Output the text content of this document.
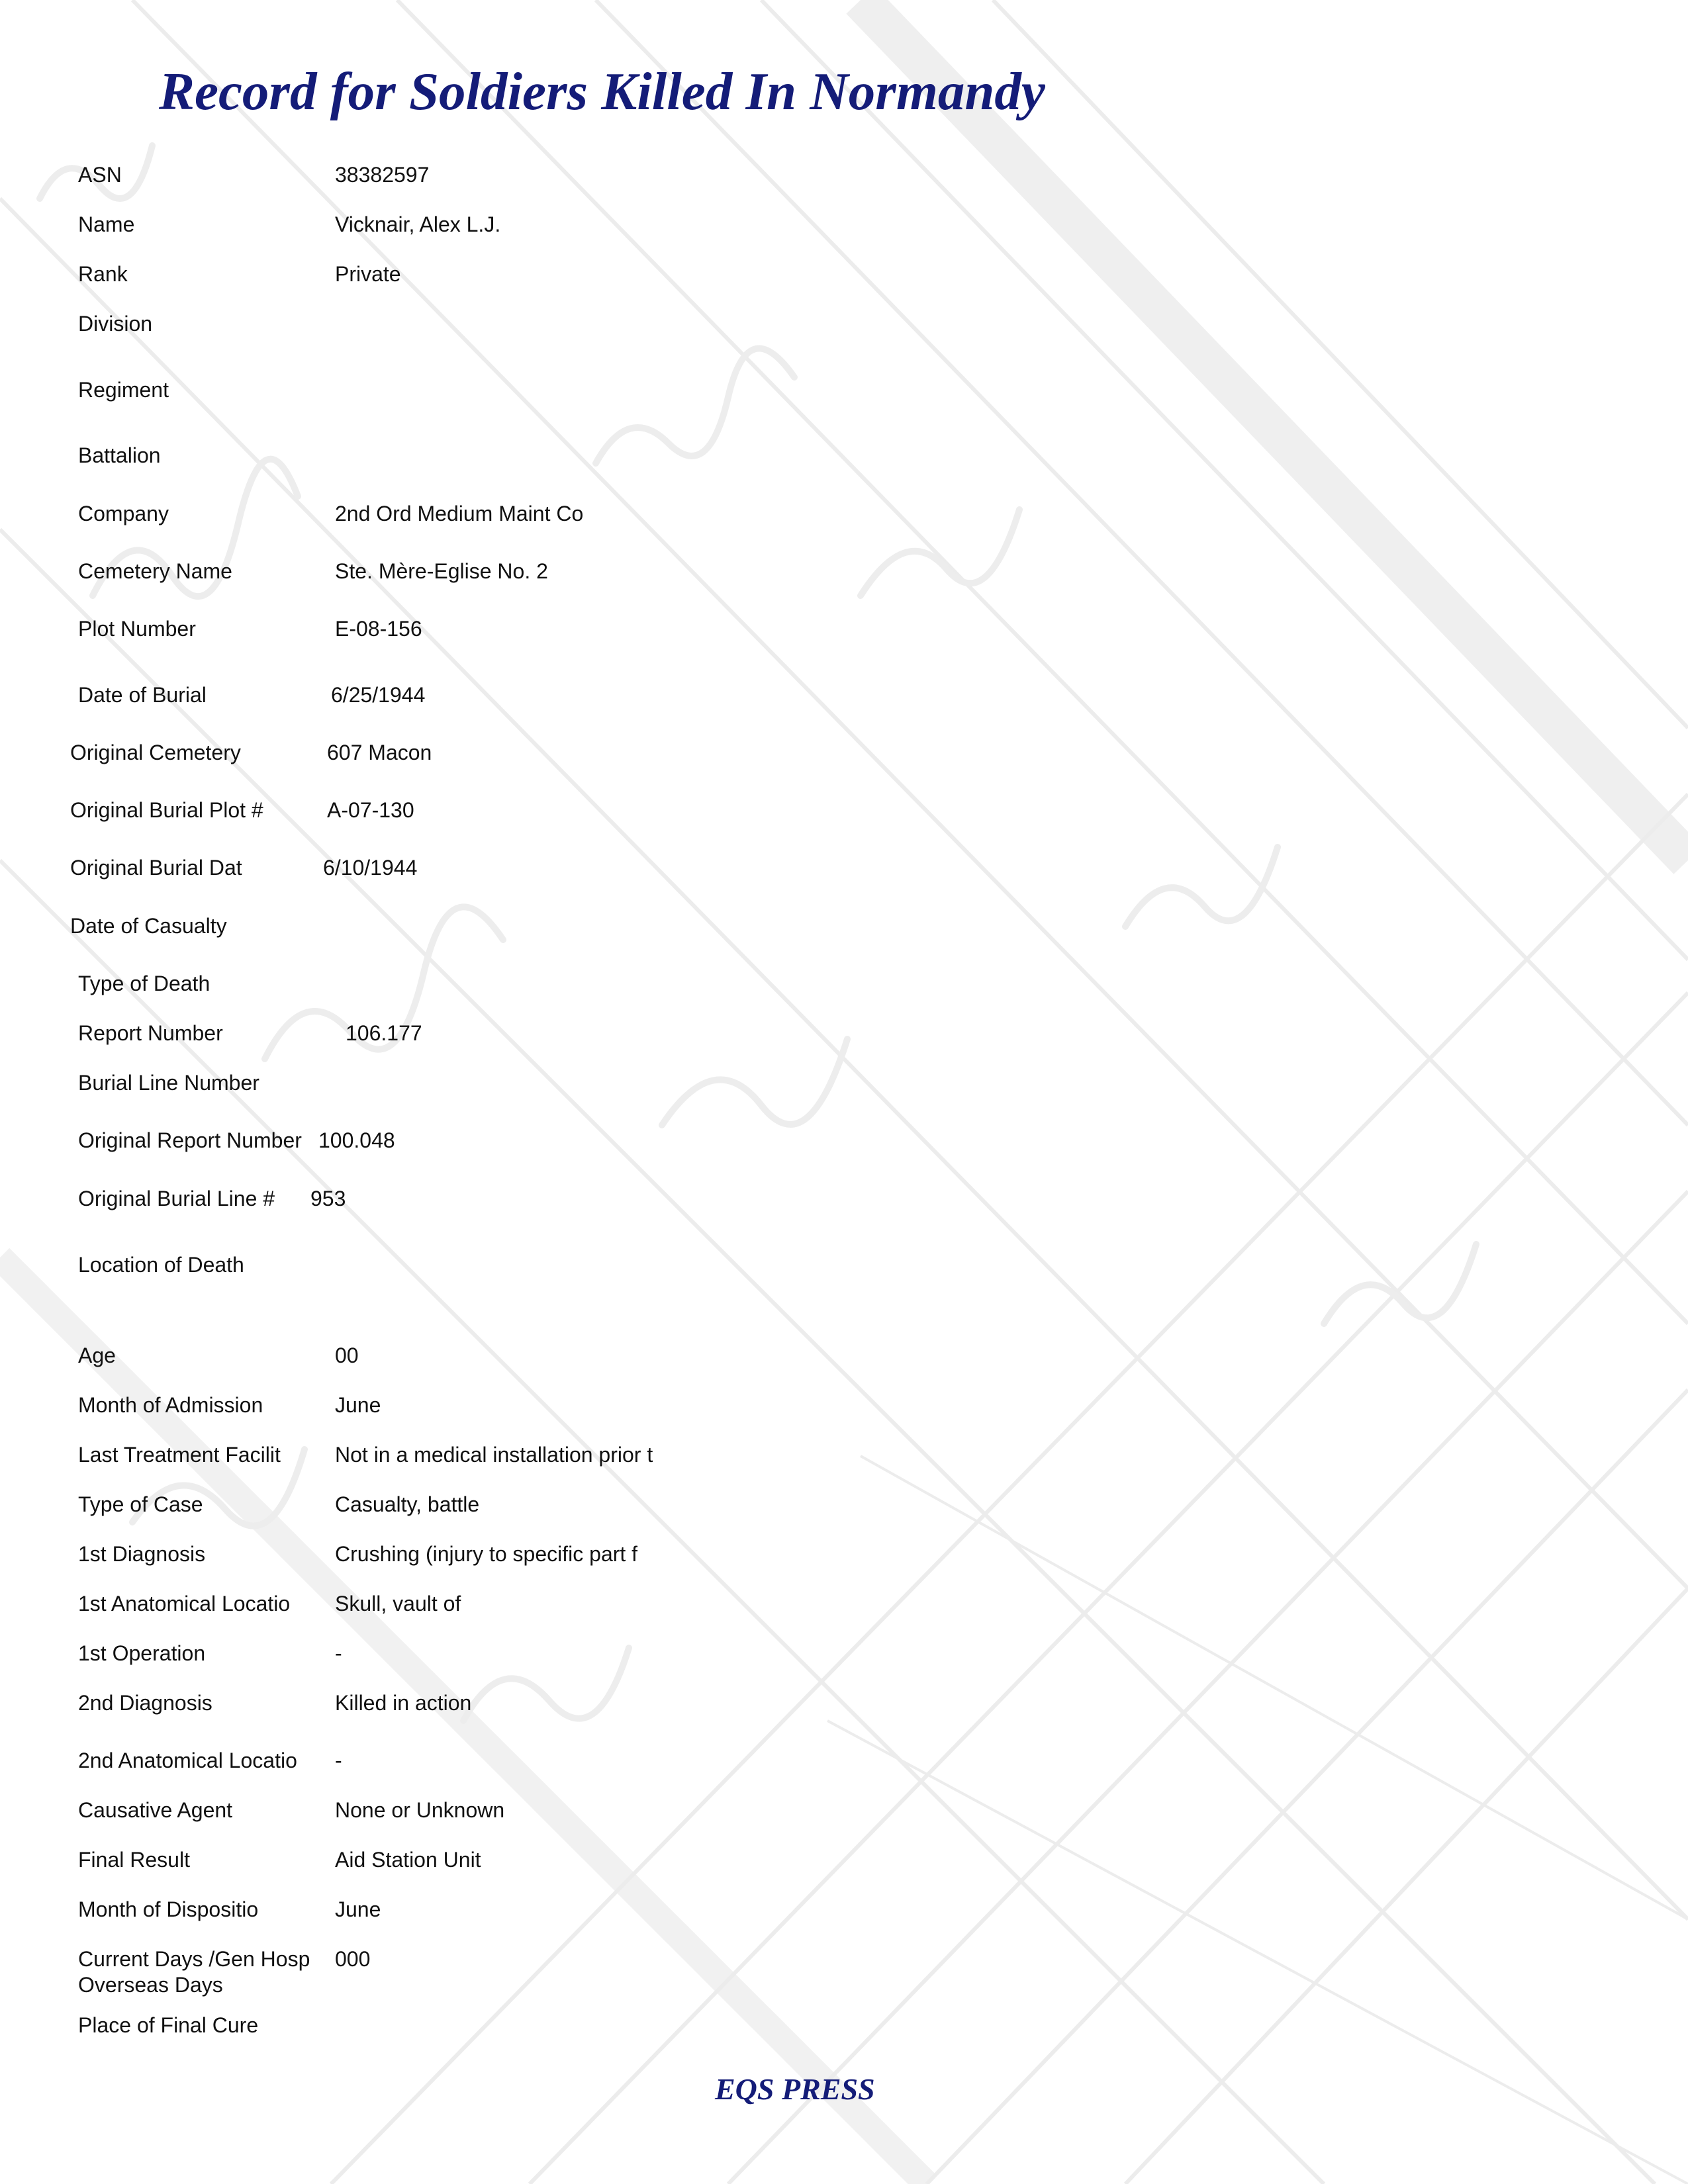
Record for Soldiers Killed In Normandy
ASN	38382597
Name	Vicknair, Alex L.J.
Rank	Private
Division
Regiment
Battalion
Company	2nd Ord Medium Maint Co
Cemetery Name	Ste. Mère-Eglise No. 2
Plot Number	E-08-156
Date of Burial	6/25/1944
Original Cemetery	607 Macon
Original Burial Plot #	A-07-130
Original Burial Dat	6/10/1944
Date of Casualty
Type of Death
Report Number	106.177
Burial Line Number
Original Report Number 100.048
Original Burial Line # 953
Location of Death
Age	00
Month of Admission	June
Last Treatment Facilit	Not in a medical installation prior t
Type of Case	Casualty, battle
1st Diagnosis	Crushing (injury to specific part f
1st Anatomical Locatio Skull, vault of
1st Operation	-
2nd Diagnosis	Killed in action
2nd Anatomical Locatio -
Causative Agent	None or Unknown
Final Result	Aid Station Unit
Month of Dispositio	June
Current Days /Gen Hosp 000
Overseas Days
Place of Final Cure
EQS PRESS
